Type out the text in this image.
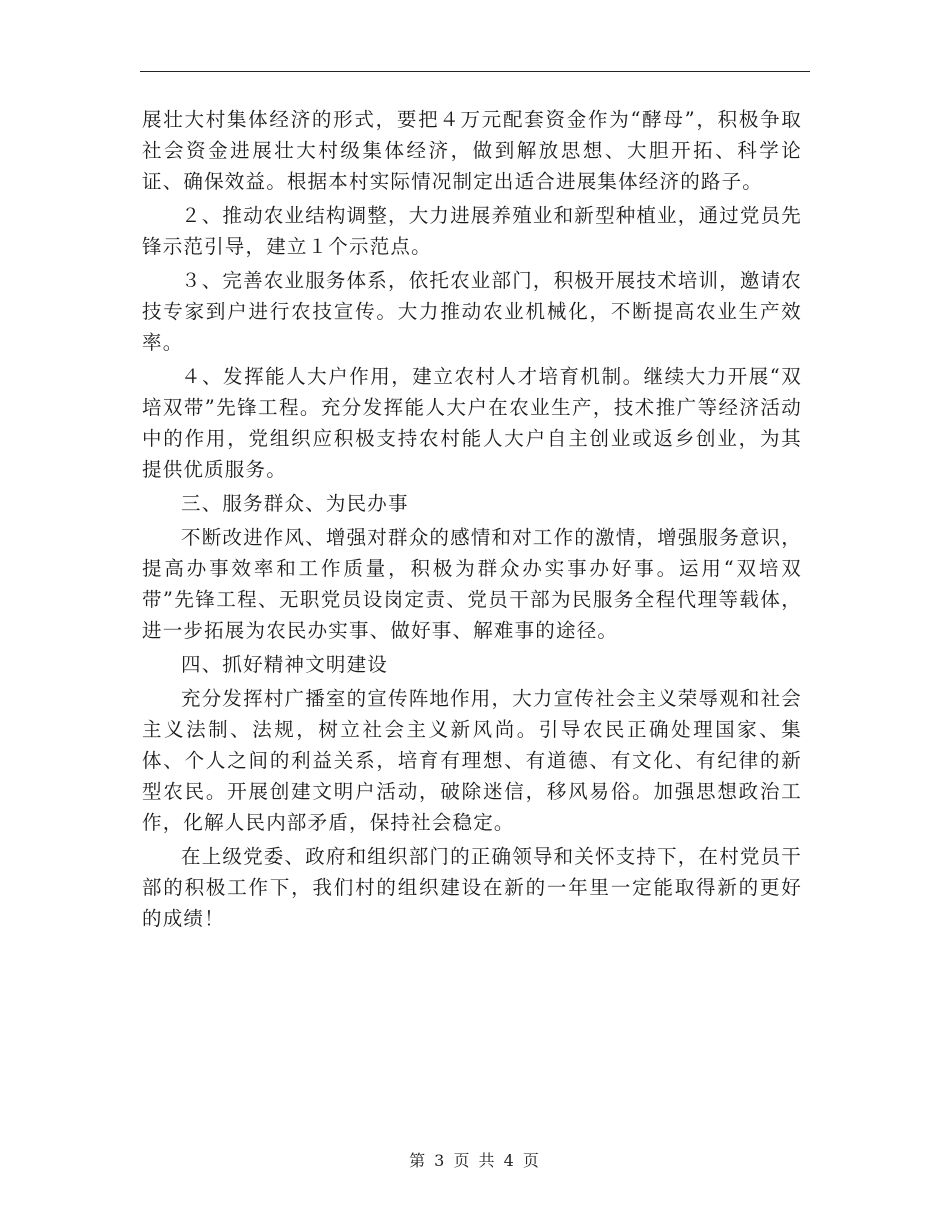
展壮大村集体经济的形式，要把４万元配套资金作为“酵母”，积极争取社会资金进展壮大村级集体经济，做到解放思想、大胆开拓、科学论证、确保效益。根据本村实际情况制定出适合进展集体经济的路子。

２、推动农业结构调整，大力进展养殖业和新型种植业，通过党员先锋示范引导，建立１个示范点。

３、完善农业服务体系，依托农业部门，积极开展技术培训，邀请农技专家到户进行农技宣传。大力推动农业机械化，不断提高农业生产效率。

４、发挥能人大户作用，建立农村人才培育机制。继续大力开展“双培双带”先锋工程。充分发挥能人大户在农业生产，技术推广等经济活动中的作用，党组织应积极支持农村能人大户自主创业或返乡创业，为其提供优质服务。

三、服务群众、为民办事

不断改进作风、增强对群众的感情和对工作的激情，增强服务意识，提高办事效率和工作质量，积极为群众办实事办好事。运用“双培双带”先锋工程、无职党员设岗定责、党员干部为民服务全程代理等载体，进一步拓展为农民办实事、做好事、解难事的途径。

四、抓好精神文明建设

充分发挥村广播室的宣传阵地作用，大力宣传社会主义荣辱观和社会主义法制、法规，树立社会主义新风尚。引导农民正确处理国家、集体、个人之间的利益关系，培育有理想、有道德、有文化、有纪律的新型农民。开展创建文明户活动，破除迷信，移风易俗。加强思想政治工作，化解人民内部矛盾，保持社会稳定。

在上级党委、政府和组织部门的正确领导和关怀支持下，在村党员干部的积极工作下，我们村的组织建设在新的一年里一定能取得新的更好的成绩！

第 3 页 共 4 页
